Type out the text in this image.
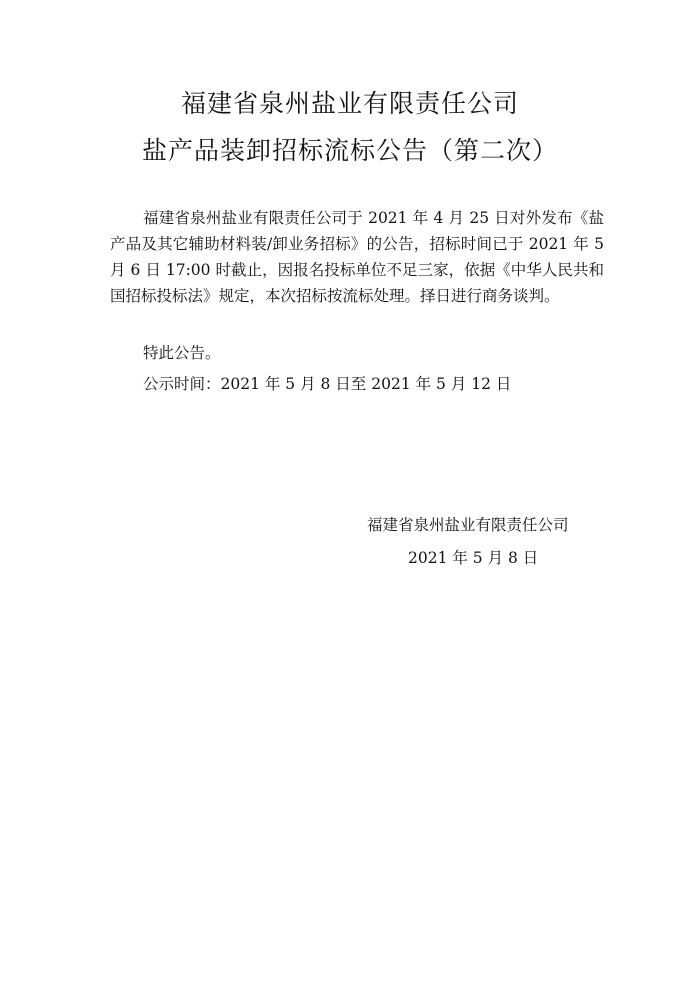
福建省泉州盐业有限责任公司
盐产品装卸招标流标公告（第二次）
福建省泉州盐业有限责任公司于 2021 年 4 月 25 日对外发布《盐产品及其它辅助材料装/卸业务招标》的公告，招标时间已于 2021 年 5 月 6 日 17:00 时截止，因报名投标单位不足三家，依据《中华人民共和国招标投标法》规定，本次招标按流标处理。择日进行商务谈判。
特此公告。
公示时间：2021 年 5 月 8 日至 2021 年 5 月 12 日
福建省泉州盐业有限责任公司
2021 年 5 月 8 日
